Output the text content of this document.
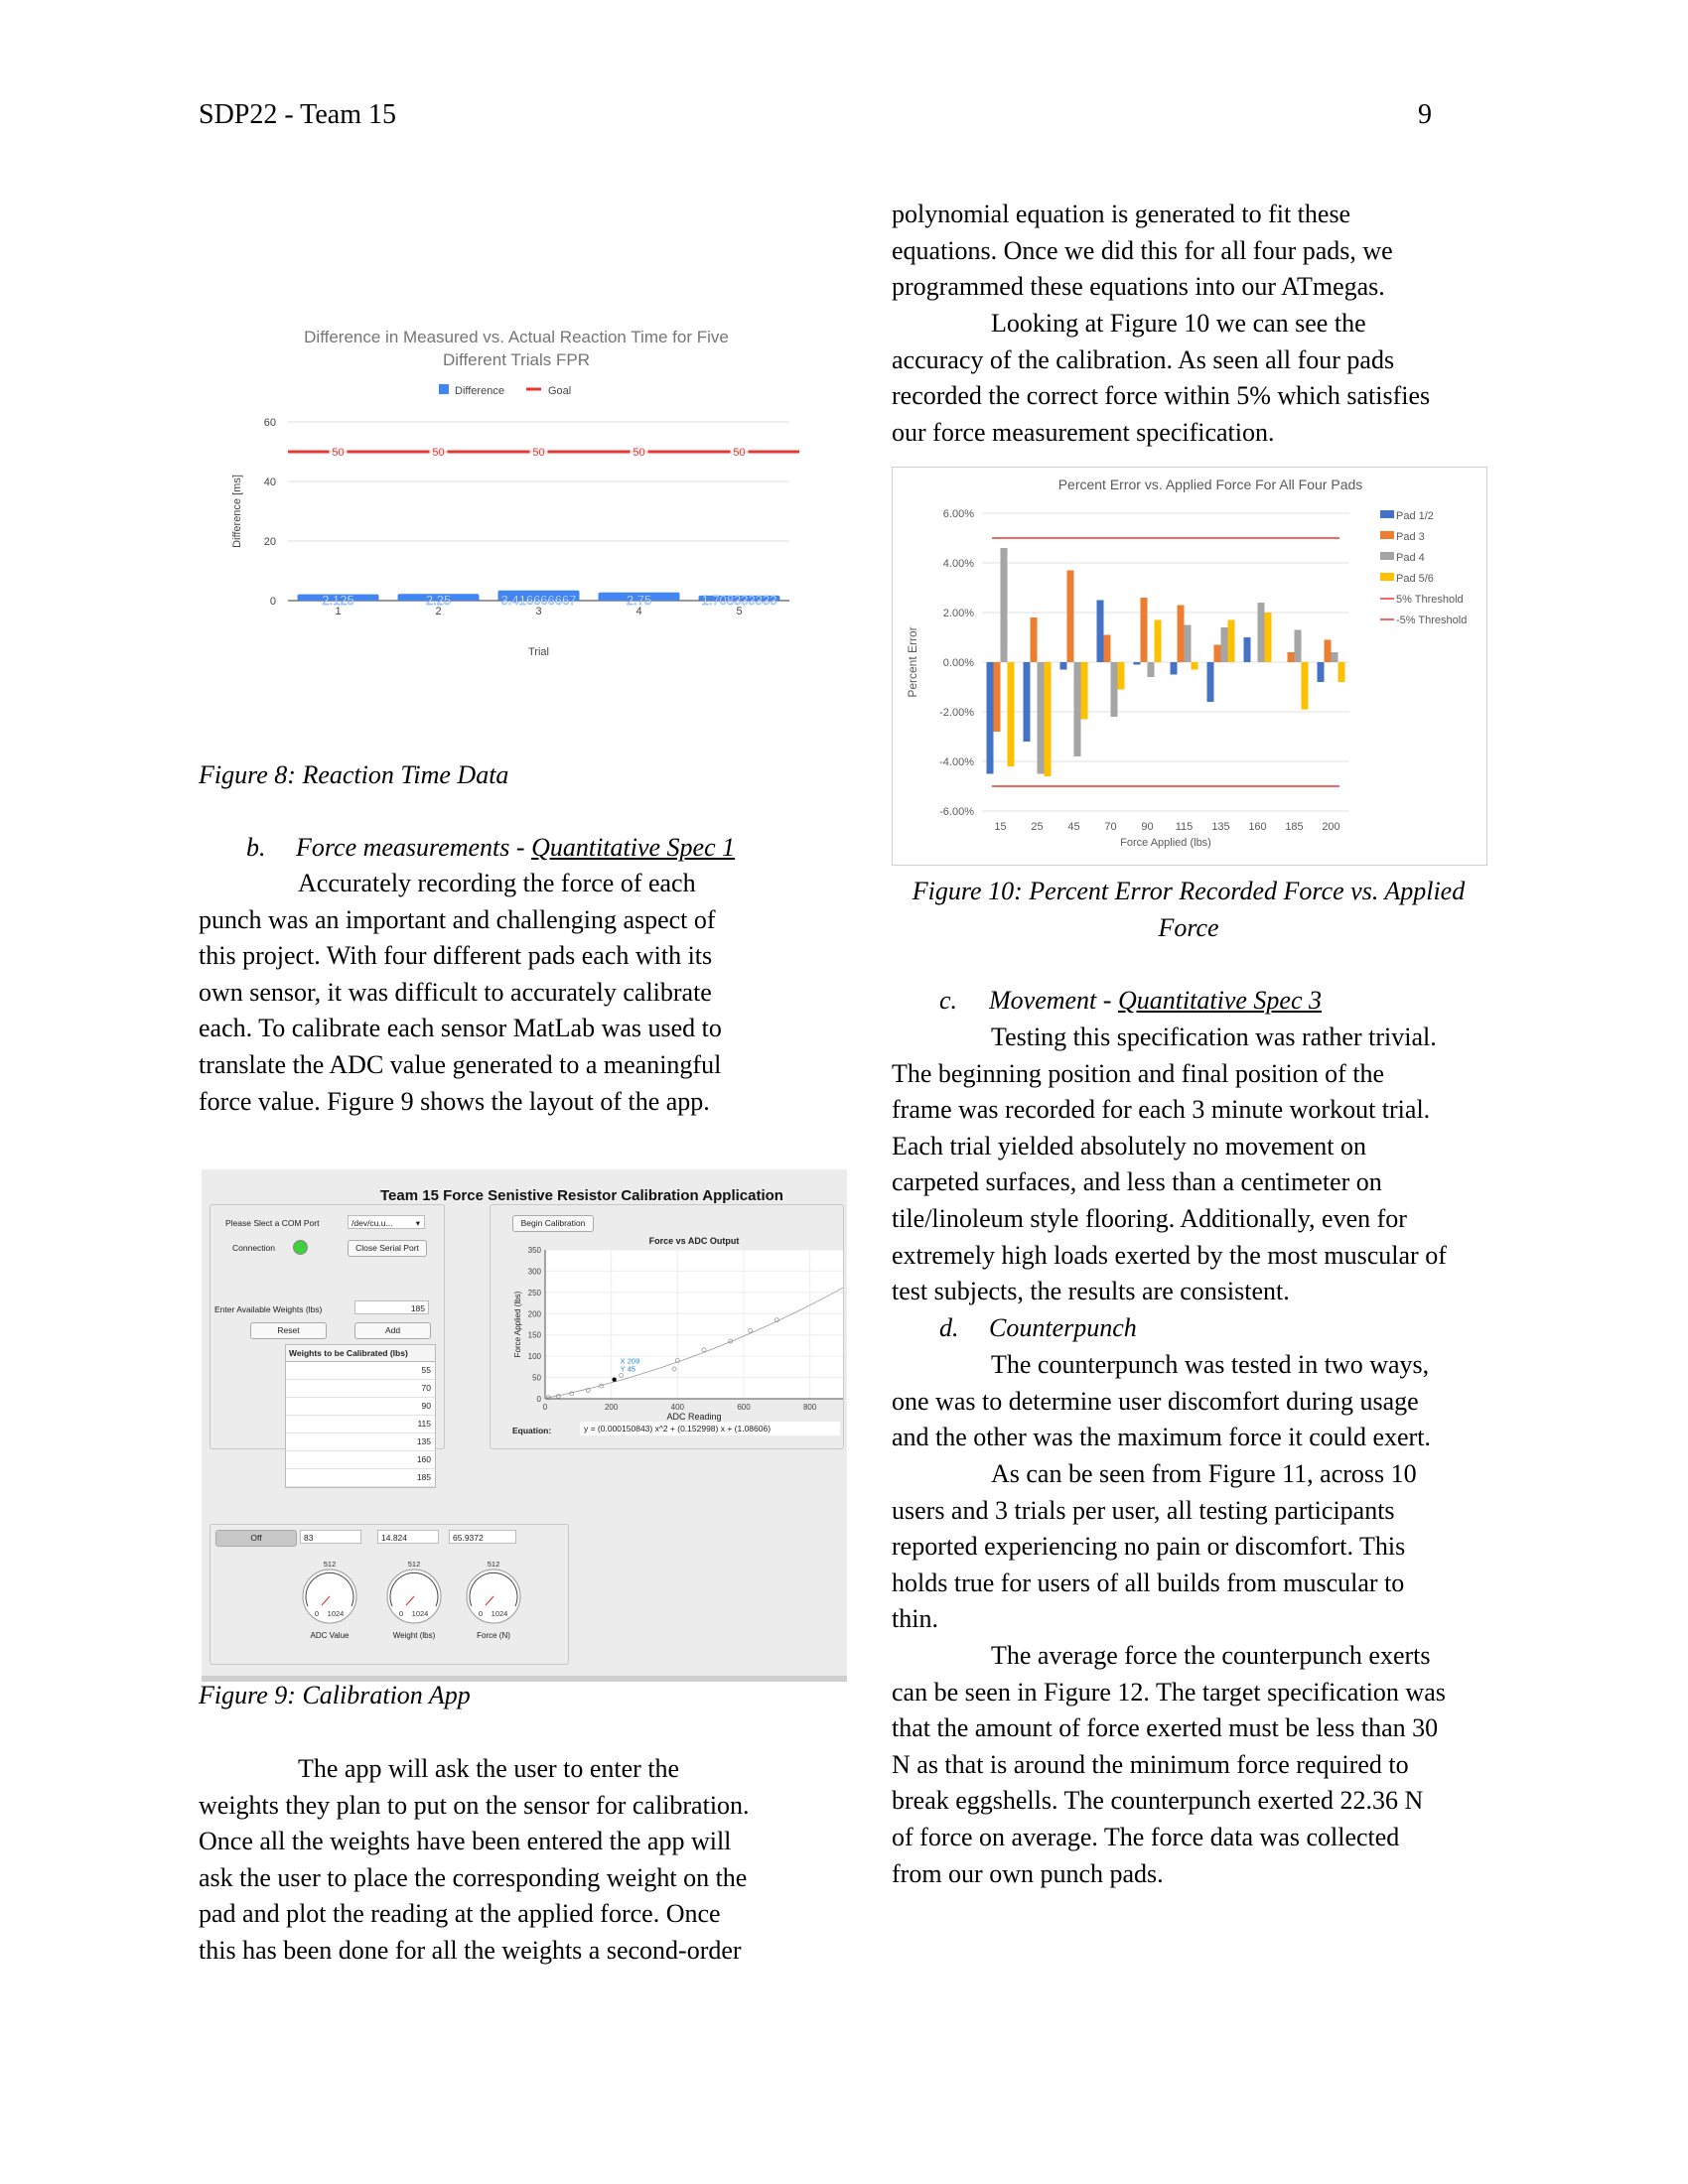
SDP22 - Team 15	9
Difference in Measured vs. Actual Reaction Time for Five
Different Trials FPR
Difference	Goal
0
20
40
60
Difference [ms]
2.125
1
2.25
2
3.416666667
3
2.75
4
1.708333333
5
50	50	50	50	50
Trial
Figure 8: Reaction Time Data
b. Force measurements - Quantitative Spec 1
Accurately recording the force of each
punch was an important and challenging aspect of
this project. With four different pads each with its
own sensor, it was difficult to accurately calibrate
each. To calibrate each sensor MatLab was used to
translate the ADC value generated to a meaningful
force value. Figure 9 shows the layout of the app.
Team 15 Force Senistive Resistor Calibration Application
Please Slect a COM Port	/dev/cu.u...	▾
Connection	Close Serial Port
Enter Available Weights (lbs)	185
Reset	Add
Weights to be Calibrated (lbs)
55
70
90
115
135
160
185
Begin Calibration
0
50
100
150
200
250
300
350
0	200	400	600	800
Force vs ADC Output
ADC Reading
Force Applied (lbs)
X 209
Y 45
Equation:	y = (0.000150843) x^2 + (0.152998) x + (1.08606)
Off	83	14.824	65.9372
512
0 1024
ADC Value
512
0 1024
Weight (lbs)
512
0 1024
Force (N)
Figure 9: Calibration App
The app will ask the user to enter the
weights they plan to put on the sensor for calibration.
Once all the weights have been entered the app will
ask the user to place the corresponding weight on the
pad and plot the reading at the applied force. Once
this has been done for all the weights a second-order
polynomial equation is generated to fit these
equations. Once we did this for all four pads, we
programmed these equations into our ATmegas.
Looking at Figure 10 we can see the
accuracy of the calibration. As seen all four pads
recorded the correct force within 5% which satisfies
our force measurement specification.
Percent Error vs. Applied Force For All Four Pads
-6.00%
-4.00%
-2.00%
0.00%
2.00%
4.00%
6.00%
Percent Error
15 25 45 70 90 115 135 160 185 200
Force Applied (lbs)
Pad 1/2
Pad 3
Pad 4
Pad 5/6
5% Threshold
-5% Threshold
Figure 10: Percent Error Recorded Force vs. Applied
Force
c. Movement - Quantitative Spec 3
Testing this specification was rather trivial.
The beginning position and final position of the
frame was recorded for each 3 minute workout trial.
Each trial yielded absolutely no movement on
carpeted surfaces, and less than a centimeter on
tile/linoleum style flooring. Additionally, even for
extremely high loads exerted by the most muscular of
test subjects, the results are consistent.
d. Counterpunch
The counterpunch was tested in two ways,
one was to determine user discomfort during usage
and the other was the maximum force it could exert.
As can be seen from Figure 11, across 10
users and 3 trials per user, all testing participants
reported experiencing no pain or discomfort. This
holds true for users of all builds from muscular to
thin.
The average force the counterpunch exerts
can be seen in Figure 12. The target specification was
that the amount of force exerted must be less than 30
N as that is around the minimum force required to
break eggshells. The counterpunch exerted 22.36 N
of force on average. The force data was collected
from our own punch pads.
